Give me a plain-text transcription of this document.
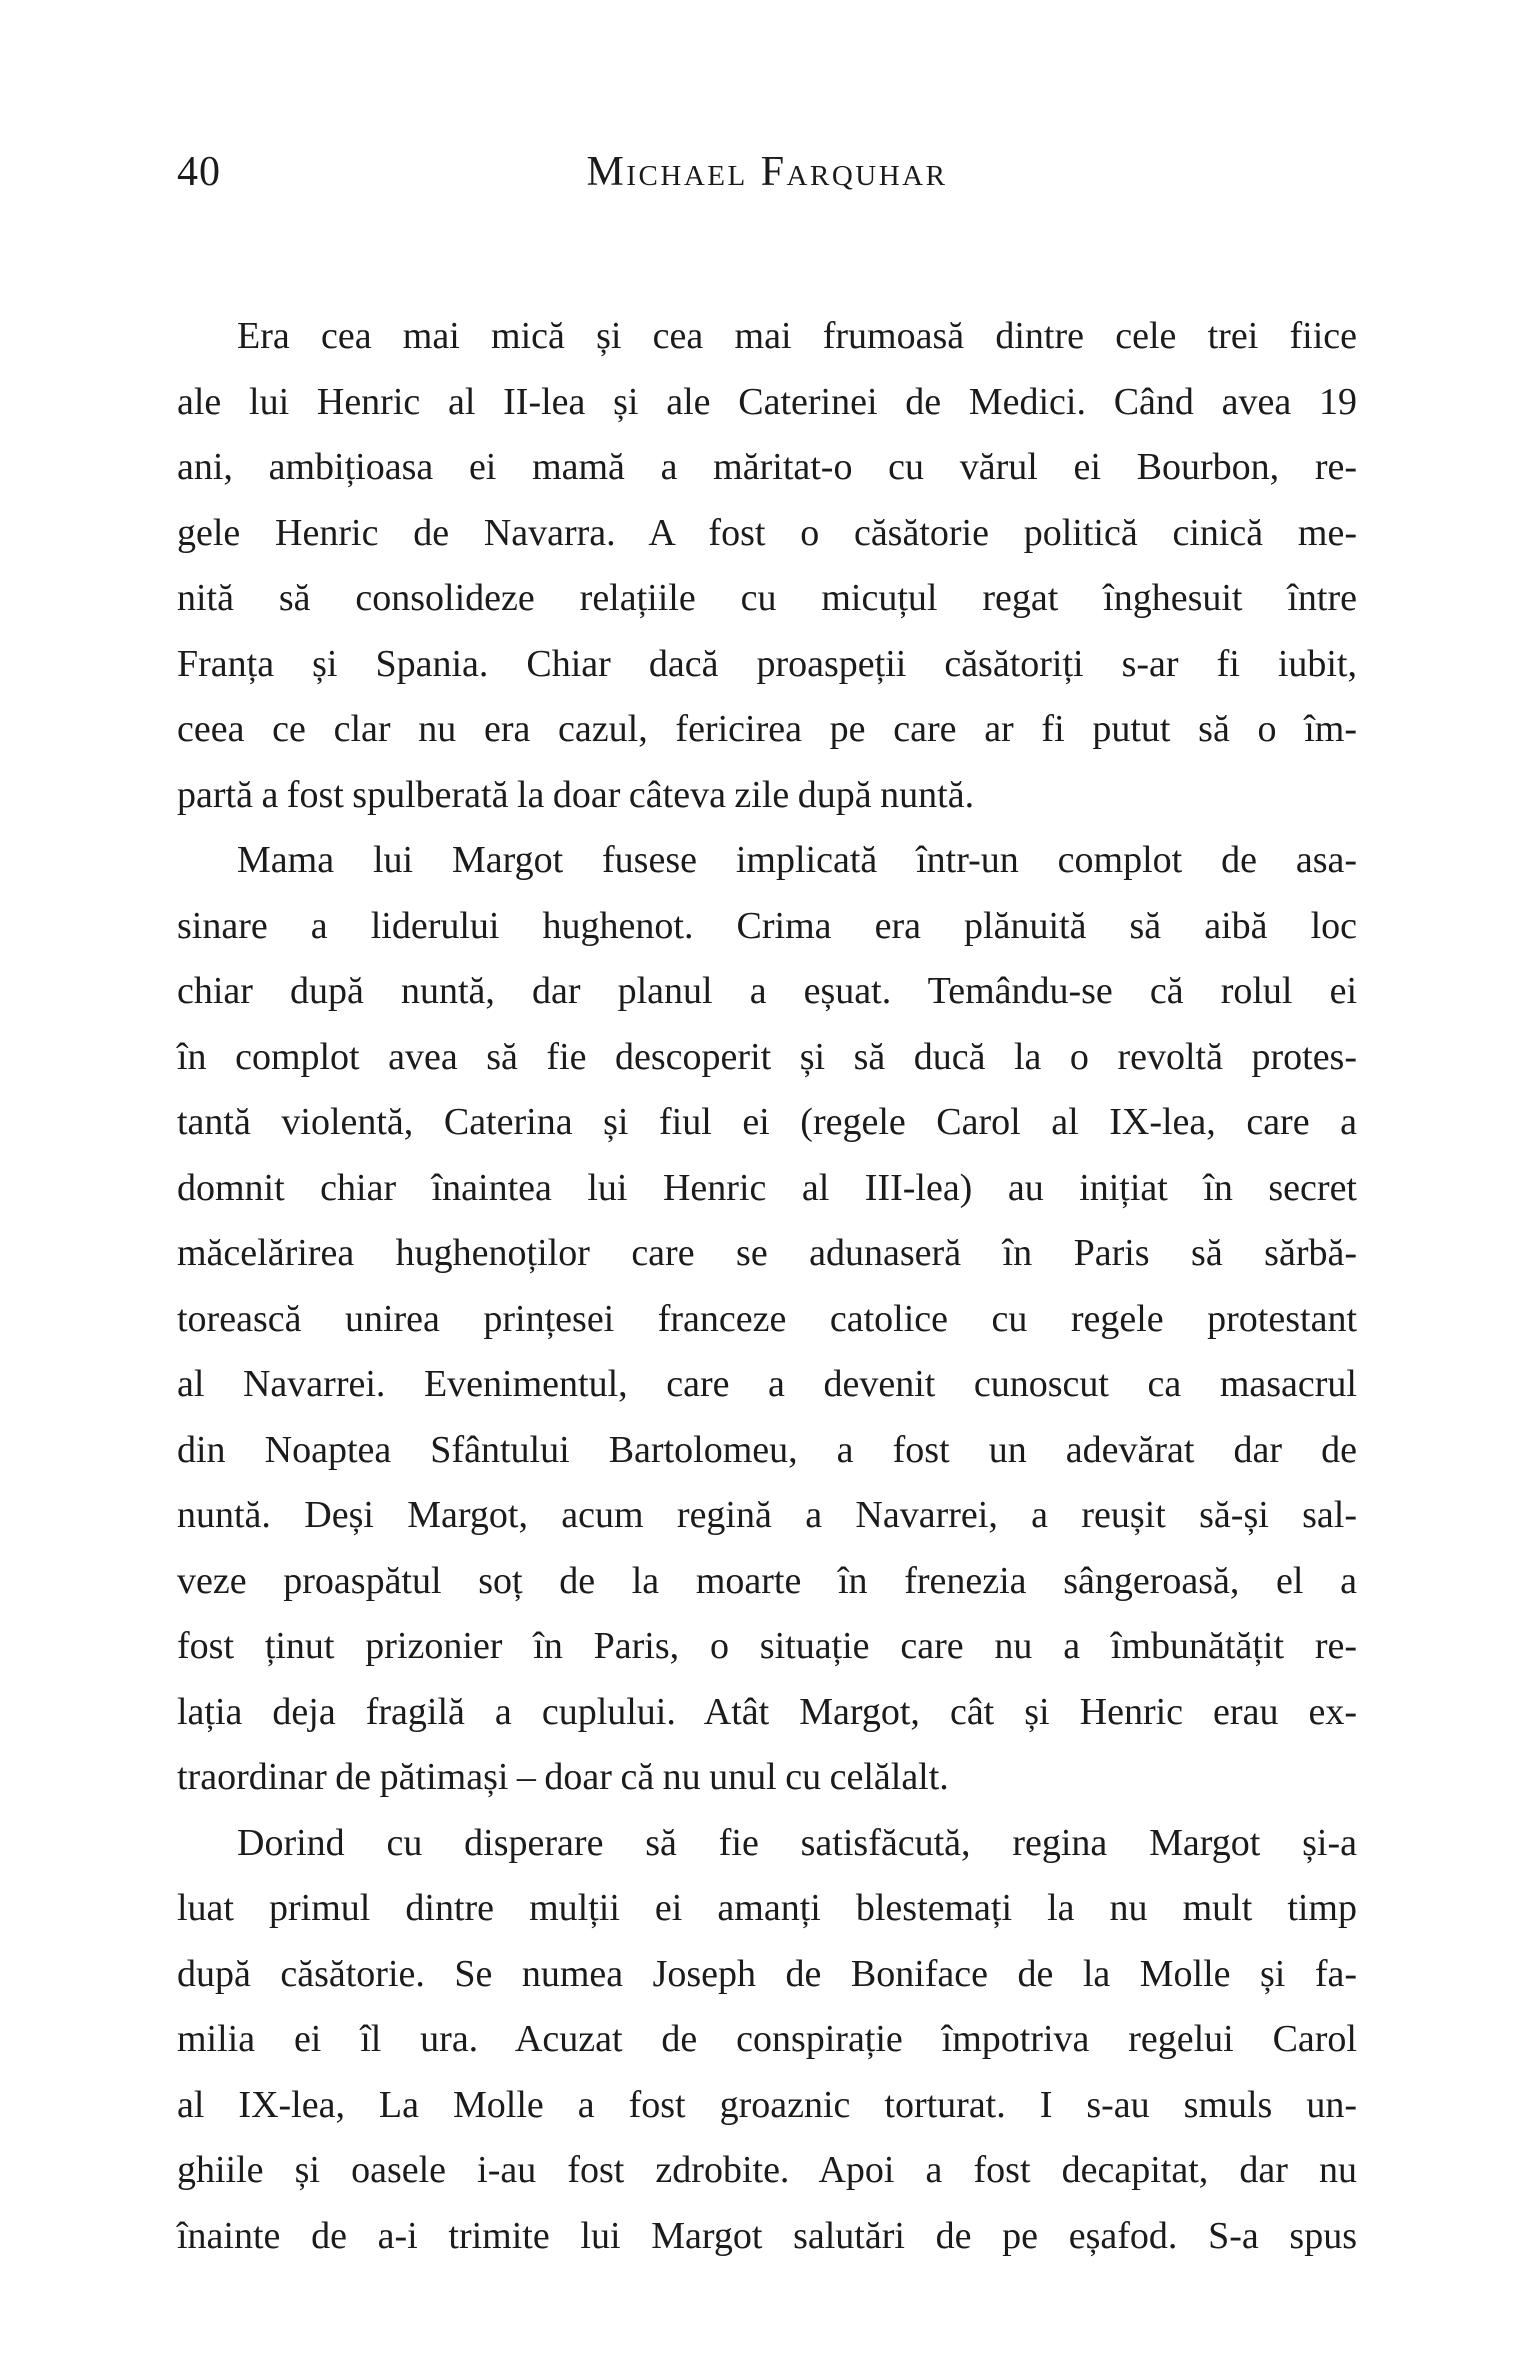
40	Michael Farquhar
Era cea mai mică și cea mai frumoasă dintre cele trei fiice
ale lui Henric al II-lea și ale Caterinei de Medici. Când avea 19
ani, ambițioasa ei mamă a măritat-o cu vărul ei Bourbon, re-
gele Henric de Navarra. A fost o căsătorie politică cinică me-
nită să consolideze relațiile cu micuțul regat înghesuit între
Franța și Spania. Chiar dacă proaspeții căsătoriți s-ar fi iubit,
ceea ce clar nu era cazul, fericirea pe care ar fi putut să o îm-
partă a fost spulberată la doar câteva zile după nuntă.
Mama lui Margot fusese implicată într-un complot de asa-
sinare a liderului hughenot. Crima era plănuită să aibă loc
chiar după nuntă, dar planul a eșuat. Temându-se că rolul ei
în complot avea să fie descoperit și să ducă la o revoltă protes-
tantă violentă, Caterina și fiul ei (regele Carol al IX-lea, care a
domnit chiar înaintea lui Henric al III-lea) au inițiat în secret
măcelărirea hughenoților care se adunaseră în Paris să sărbă-
torească unirea prințesei franceze catolice cu regele protestant
al Navarrei. Evenimentul, care a devenit cunoscut ca masacrul
din Noaptea Sfântului Bartolomeu, a fost un adevărat dar de
nuntă. Deși Margot, acum regină a Navarrei, a reușit să-și sal-
veze proaspătul soț de la moarte în frenezia sângeroasă, el a
fost ținut prizonier în Paris, o situație care nu a îmbunătățit re-
lația deja fragilă a cuplului. Atât Margot, cât și Henric erau ex-
traordinar de pătimași – doar că nu unul cu celălalt.
Dorind cu disperare să fie satisfăcută, regina Margot și-a
luat primul dintre mulții ei amanți blestemați la nu mult timp
după căsătorie. Se numea Joseph de Boniface de la Molle și fa-
milia ei îl ura. Acuzat de conspirație împotriva regelui Carol
al IX-lea, La Molle a fost groaznic torturat. I s-au smuls un-
ghiile și oasele i-au fost zdrobite. Apoi a fost decapitat, dar nu
înainte de a-i trimite lui Margot salutări de pe eșafod. S-a spus
